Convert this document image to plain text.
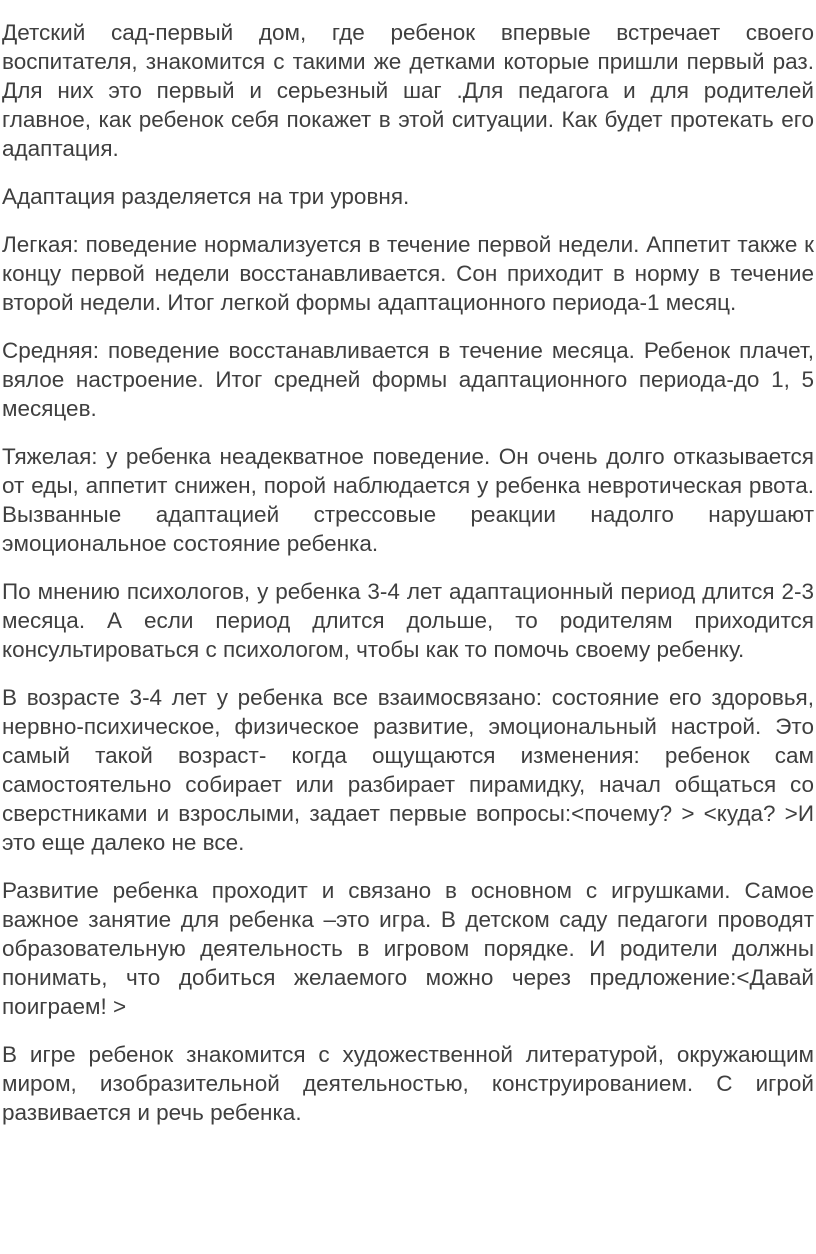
Детский сад-первый дом, где ребенок впервые встречает своего воспитателя, знакомится с такими же детками которые пришли первый раз. Для них это первый и серьезный шаг .Для педагога и для родителей главное, как ребенок себя покажет в этой ситуации. Как будет протекать его адаптация.

Адаптация разделяется на три уровня.

Легкая: поведение нормализуется в течение первой недели. Аппетит также к концу первой недели восстанавливается. Сон приходит в норму в течение второй недели. Итог легкой формы адаптационного периода-1 месяц.

Средняя: поведение восстанавливается в течение месяца. Ребенок плачет, вялое настроение. Итог средней формы адаптационного периода-до 1, 5 месяцев.

Тяжелая: у ребенка неадекватное поведение. Он очень долго отказывается от еды, аппетит снижен, порой наблюдается у ребенка невротическая рвота. Вызванные адаптацией стрессовые реакции надолго нарушают эмоциональное состояние ребенка.

По мнению психологов, у ребенка 3-4 лет адаптационный период длится 2-3 месяца. А если период длится дольше, то родителям приходится консультироваться с психологом, чтобы как то помочь своему ребенку.

В возрасте 3-4 лет у ребенка все взаимосвязано: состояние его здоровья, нервно-психическое, физическое развитие, эмоциональный настрой. Это самый такой возраст- когда ощущаются изменения: ребенок сам самостоятельно собирает или разбирает пирамидку, начал общаться со сверстниками и взрослыми, задает первые вопросы:<почему? > <куда? >И это еще далеко не все.

Развитие ребенка проходит и связано в основном с игрушками. Самое важное занятие для ребенка –это игра. В детском саду педагоги проводят образовательную деятельность в игровом порядке. И родители должны понимать, что добиться желаемого можно через предложение:<Давай поиграем! >

В игре ребенок знакомится с художественной литературой, окружающим миром, изобразительной деятельностью, конструированием. С игрой развивается и речь ребенка.
